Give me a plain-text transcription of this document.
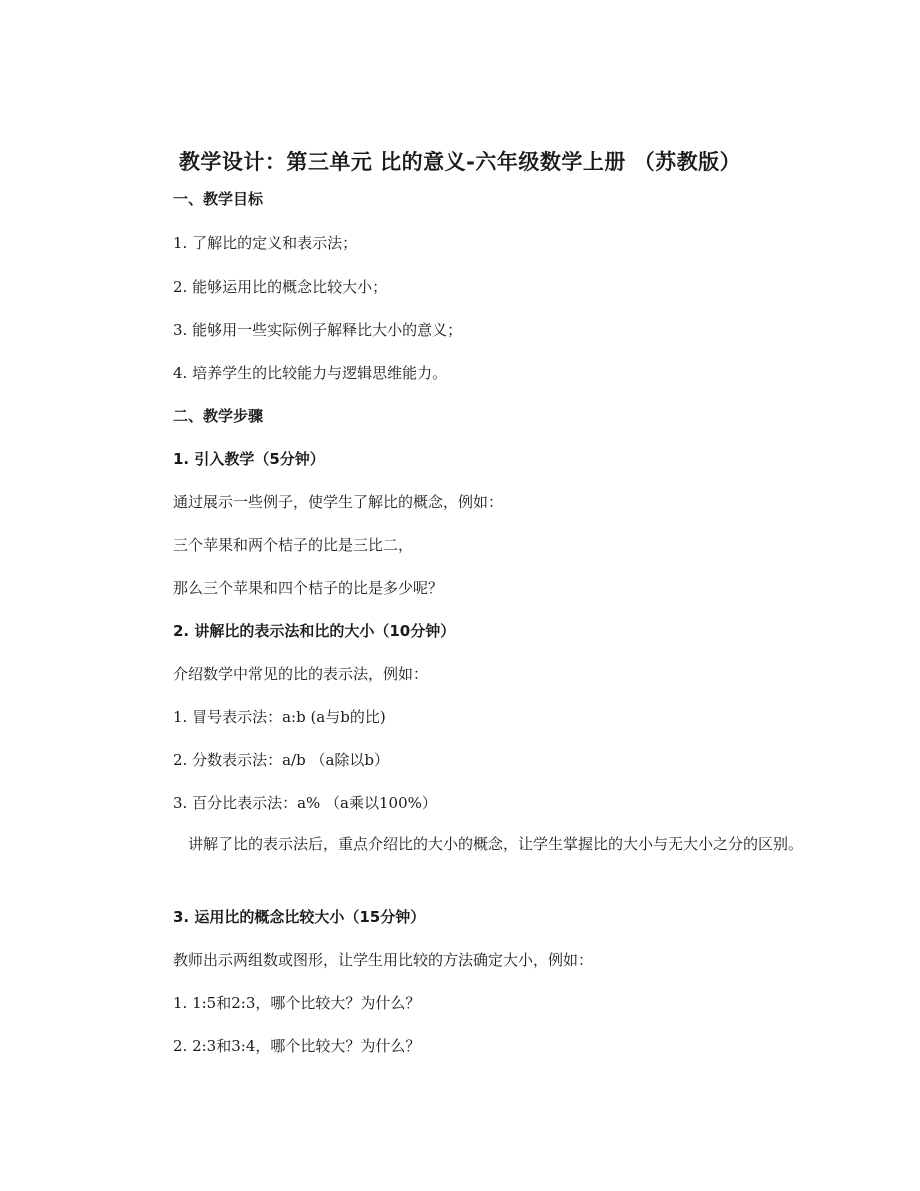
教学设计：第三单元 比的意义-六年级数学上册 （苏教版）
一、教学目标
1. 了解比的定义和表示法；
2. 能够运用比的概念比较大小；
3. 能够用一些实际例子解释比大小的意义；
4. 培养学生的比较能力与逻辑思维能力。
二、教学步骤
1. 引入教学（5分钟）
通过展示一些例子，使学生了解比的概念，例如：
三个苹果和两个桔子的比是三比二，
那么三个苹果和四个桔子的比是多少呢？
2. 讲解比的表示法和比的大小（10分钟）
介绍数学中常见的比的表示法，例如：
1. 冒号表示法：a:b (a与b的比)
2. 分数表示法：a/b （a除以b）
3. 百分比表示法：a% （a乘以100%）
　讲解了比的表示法后，重点介绍比的大小的概念，让学生掌握比的大小与无大小之分的区别。
3. 运用比的概念比较大小（15分钟）
教师出示两组数或图形，让学生用比较的方法确定大小，例如：
1. 1:5和2:3，哪个比较大？为什么？
2. 2:3和3:4，哪个比较大？为什么？
